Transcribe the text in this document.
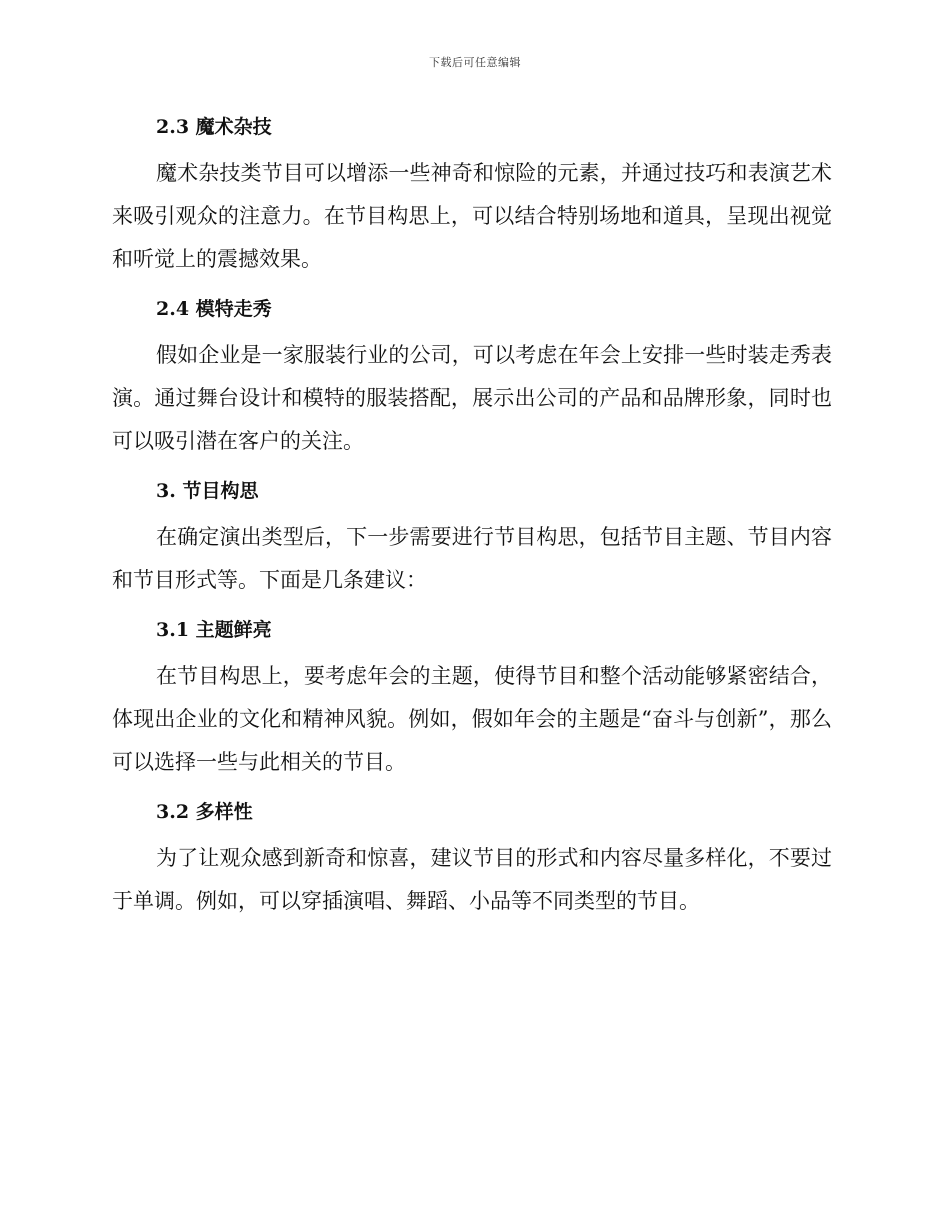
下载后可任意编辑
2.3 魔术杂技

魔术杂技类节目可以增添一些神奇和惊险的元素，并通过技巧和表演艺术来吸引观众的注意力。在节目构思上，可以结合特别场地和道具，呈现出视觉和听觉上的震撼效果。

2.4 模特走秀

假如企业是一家服装行业的公司，可以考虑在年会上安排一些时装走秀表演。通过舞台设计和模特的服装搭配，展示出公司的产品和品牌形象，同时也可以吸引潜在客户的关注。

3. 节目构思

在确定演出类型后，下一步需要进行节目构思，包括节目主题、节目内容和节目形式等。下面是几条建议：

3.1 主题鲜亮

在节目构思上，要考虑年会的主题，使得节目和整个活动能够紧密结合，体现出企业的文化和精神风貌。例如，假如年会的主题是“奋斗与创新”，那么可以选择一些与此相关的节目。

3.2 多样性

为了让观众感到新奇和惊喜，建议节目的形式和内容尽量多样化，不要过于单调。例如，可以穿插演唱、舞蹈、小品等不同类型的节目。
